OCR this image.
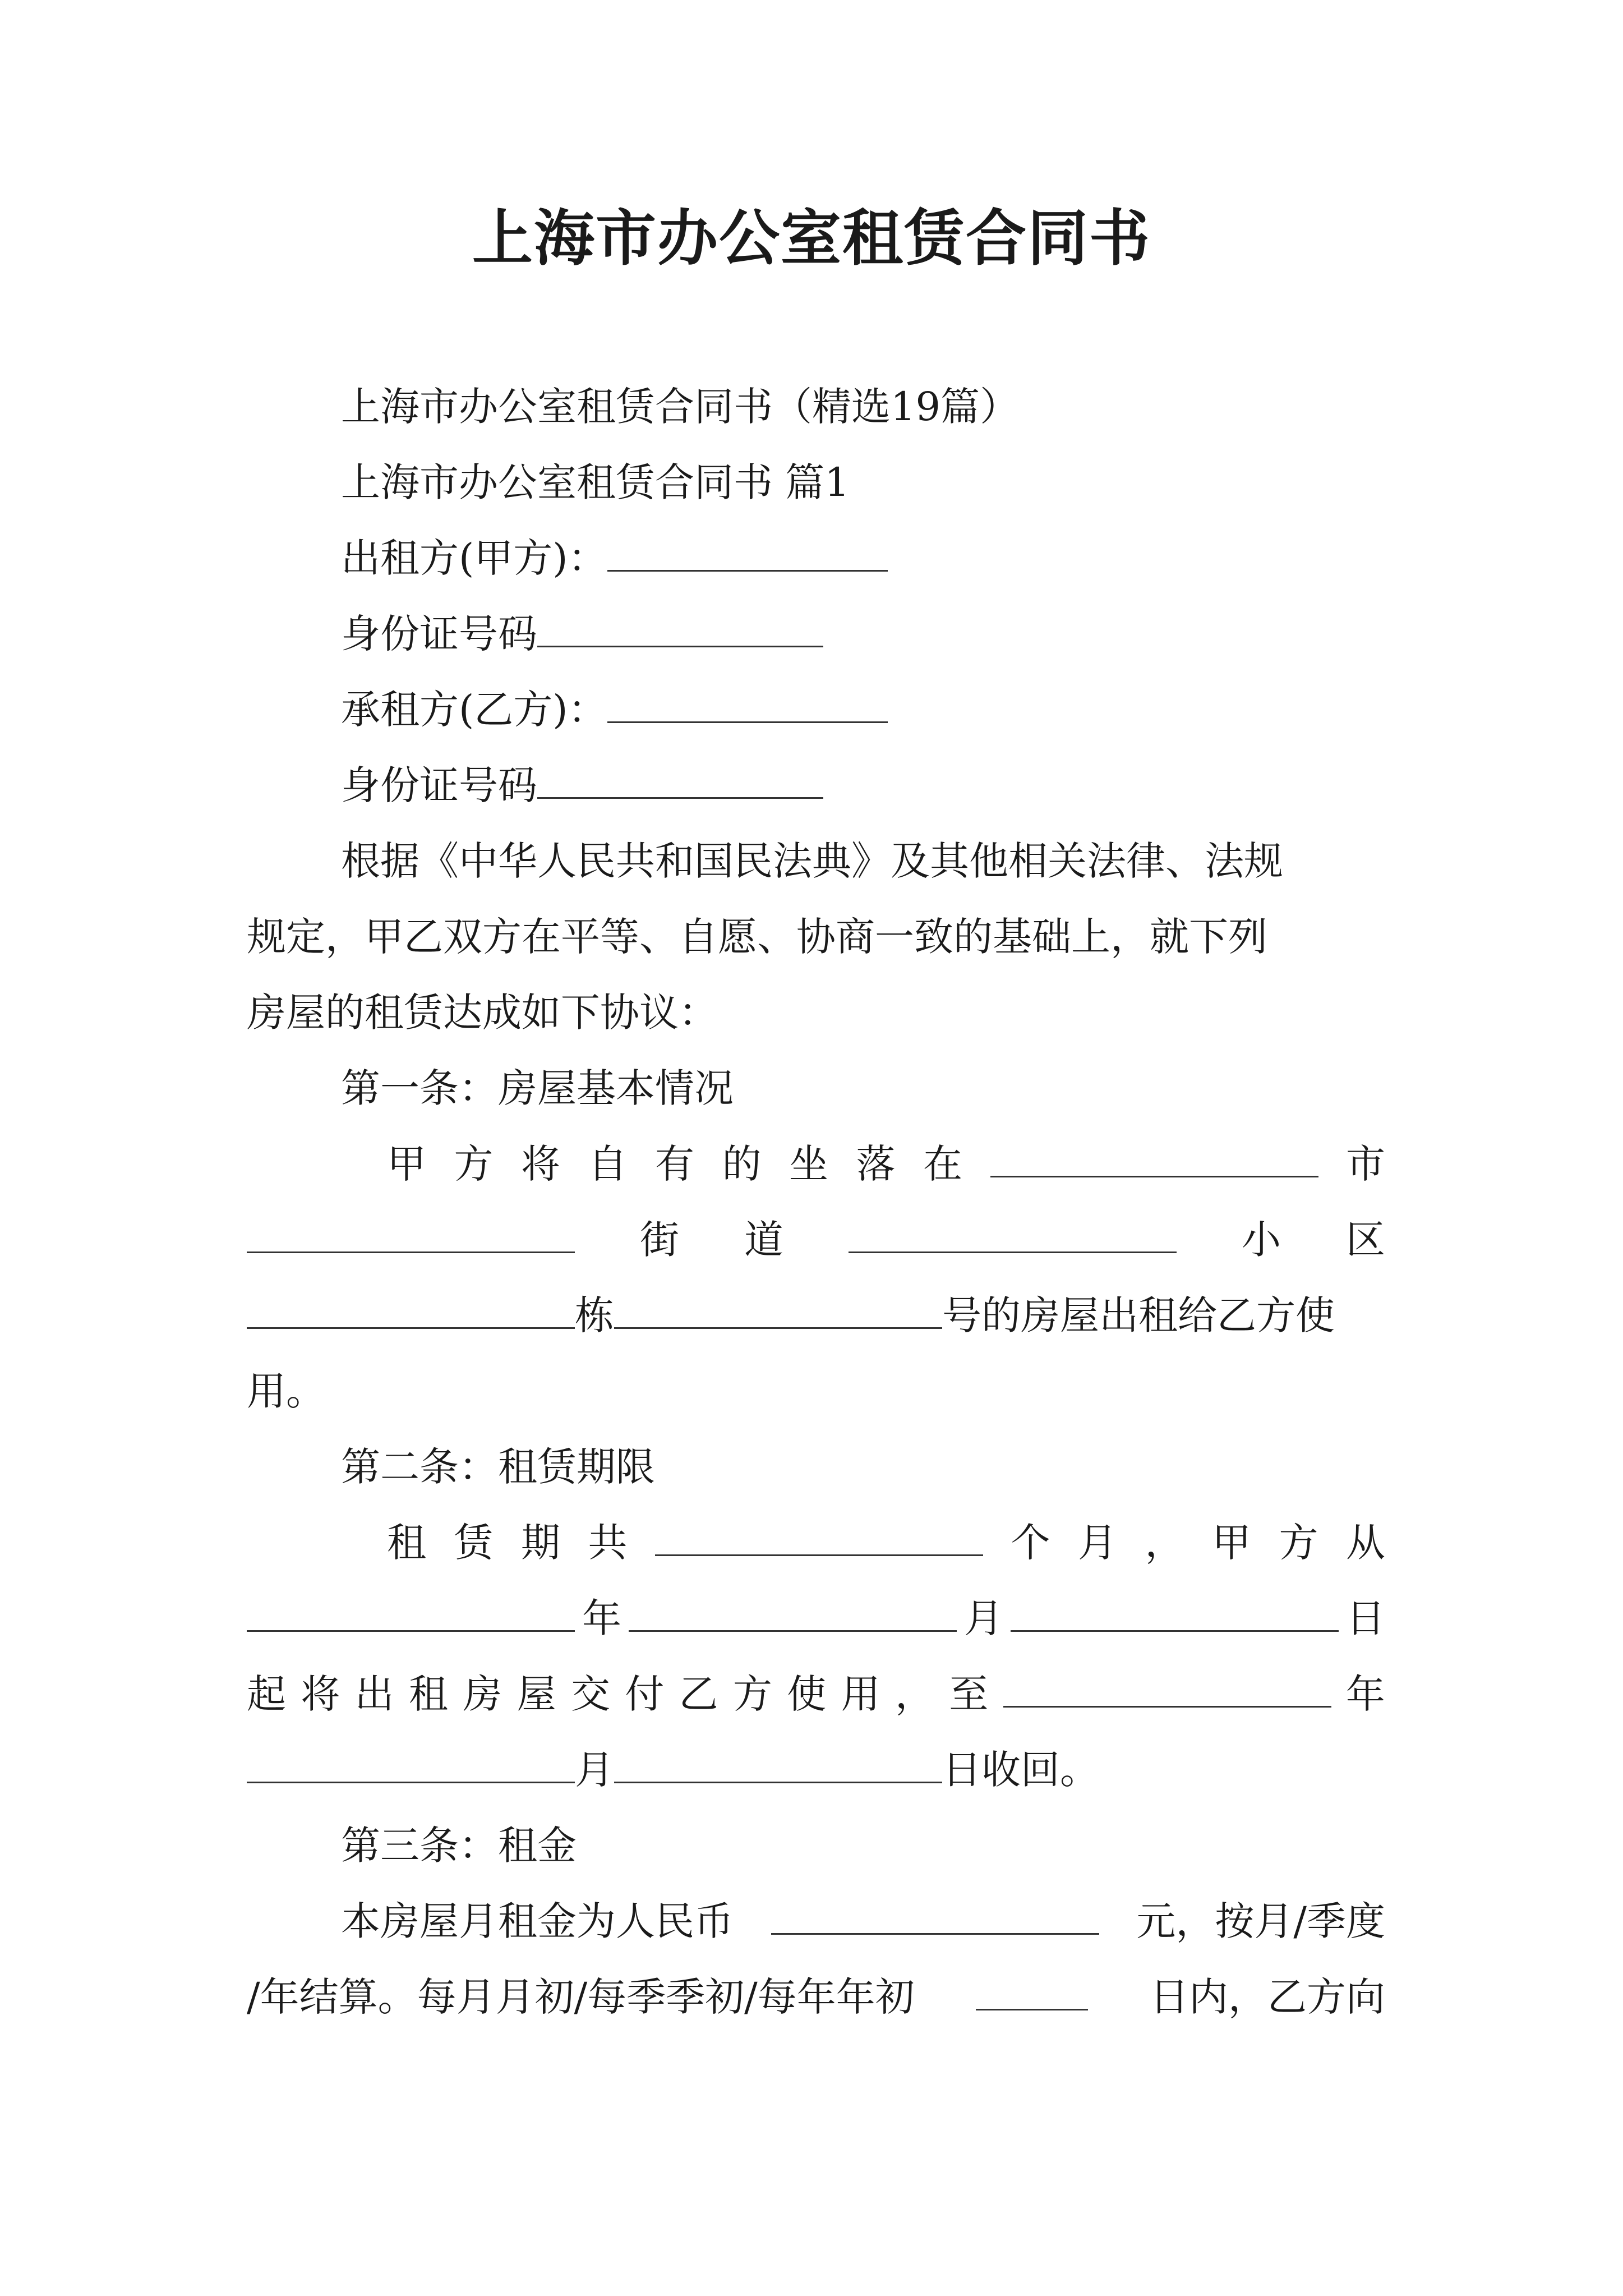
上海市办公室租赁合同书
上海市办公室租赁合同书（精选19篇）
上海市办公室租赁合同书 篇1
出租方(甲方)：
身份证号码
承租方(乙方)：
身份证号码
根据《中华人民共和国民法典》及其他相关法律、法规
规定，甲乙双方在平等、自愿、协商一致的基础上，就下列
房屋的租赁达成如下协议：
第一条：房屋基本情况
甲 方 将 自 有 的 坐 落 在	市
街 道	小 区
栋	号的房屋出租给乙方使
用。
第二条：租赁期限
租 赁 期 共	个 月 ， 甲 方 从
年	月	日
起 将 出 租 房 屋 交 付 乙 方 使 用 ， 至	年
月	日收回。
第三条：租金
本房屋月租金为人民币	元，按月/季度
/年结算。每月月初/每季季初/每年年初	日内，乙方向
